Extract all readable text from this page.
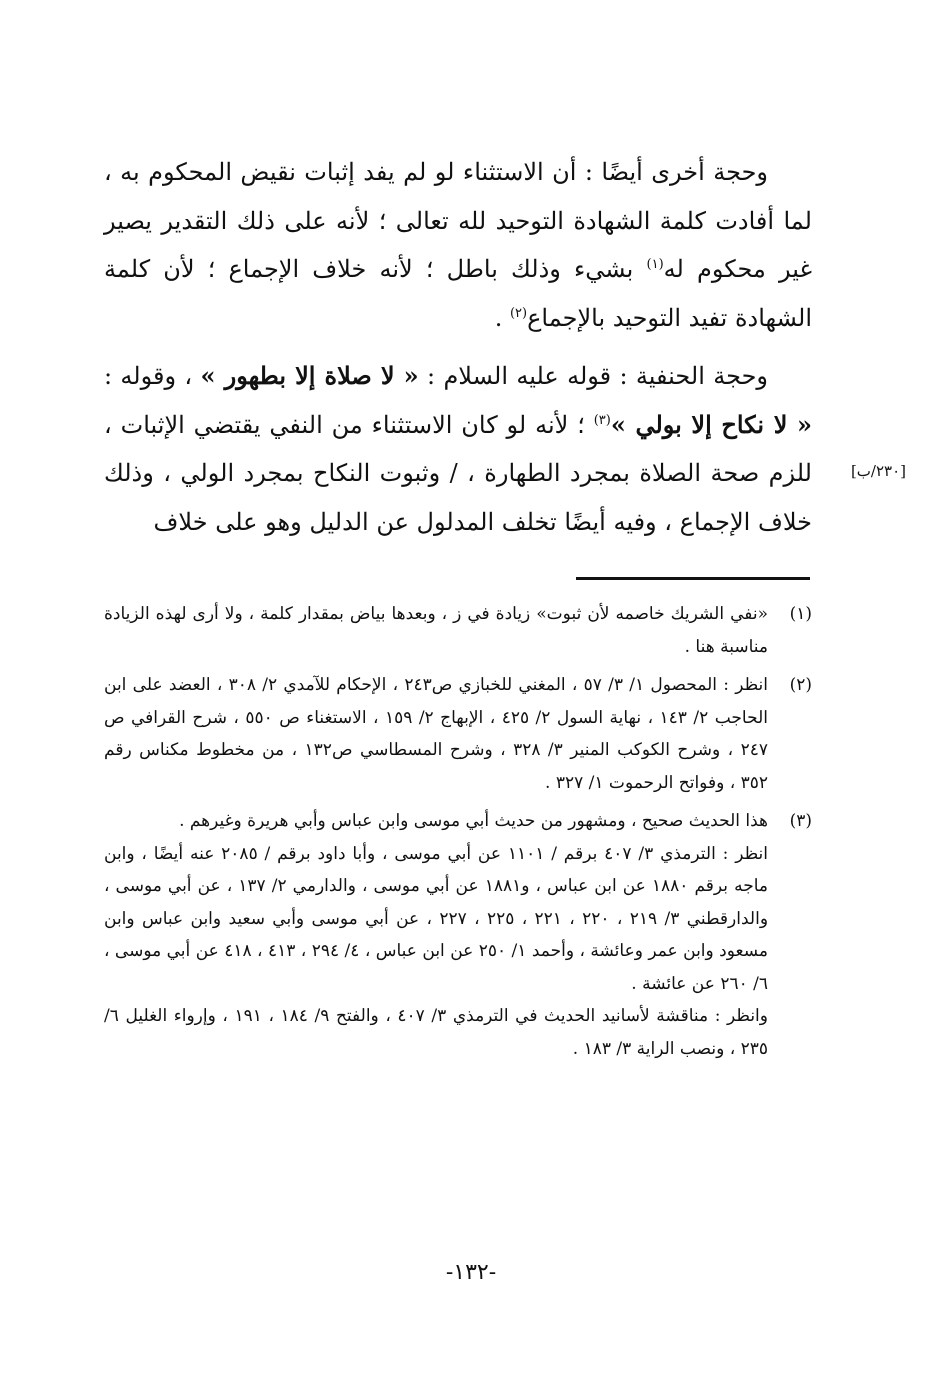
وحجة أخرى أيضًا : أن الاستثناء لو لم يفد إثبات نقيض المحكوم به ، لما أفادت كلمة الشهادة التوحيد لله تعالى ؛ لأنه على ذلك التقدير يصير غير محكوم له$^{(١)}$ بشيء وذلك باطل ؛ لأنه خلاف الإجماع ؛ لأن كلمة الشهادة تفيد التوحيد بالإجماع$^{(٢)}$ .

وحجة الحنفية : قوله عليه السلام : « لا صلاة إلا بطهور » ، وقوله : « لا نكاح إلا بولي »$^{(٣)}$ ؛ لأنه لو كان الاستثناء من النفي يقتضي الإثبات ، للزم صحة الصلاة بمجرد الطهارة ، / وثبوت النكاح بمجرد الولي ، وذلك خلاف الإجماع ، وفيه أيضًا تخلف المدلول عن الدليل وهو على خلاف

[٢٣٠/ب]
(١)

«نفي الشريك خاصمه لأن ثبوت» زيادة في ز ، وبعدها بياض بمقدار كلمة ، ولا أرى لهذه الزيادة مناسبة هنا .

(٢)

انظر : المحصول ١/ ٣/ ٥٧ ، المغني للخبازي ص٢٤٣ ، الإحكام للآمدي ٢/ ٣٠٨ ، العضد على ابن الحاجب ٢/ ١٤٣ ، نهاية السول ٢/ ٤٢٥ ، الإبهاج ٢/ ١٥٩ ، الاستغناء ص ٥٥٠ ، شرح القرافي ص ٢٤٧ ، وشرح الكوكب المنير ٣/ ٣٢٨ ، وشرح المسطاسي ص١٣٢ ، من مخطوط مكناس رقم ٣٥٢ ، وفواتح الرحموت ١/ ٣٢٧ .

(٣)

هذا الحديث صحيح ، ومشهور من حديث أبي موسى وابن عباس وأبي هريرة وغيرهم .

انظر : الترمذي ٣/ ٤٠٧ برقم / ١١٠١ عن أبي موسى ، وأبا داود برقم / ٢٠٨٥ عنه أيضًا ، وابن ماجه برقم ١٨٨٠ عن ابن عباس ، و١٨٨١ عن أبي موسى ، والدارمي ٢/ ١٣٧ ، عن أبي موسى ، والدارقطني ٣/ ٢١٩ ، ٢٢٠ ، ٢٢١ ، ٢٢٥ ، ٢٢٧ ، عن أبي موسى وأبي سعيد وابن عباس وابن مسعود وابن عمر وعائشة ، وأحمد ١/ ٢٥٠ عن ابن عباس ، ٤/ ٢٩٤ ، ٤١٣ ، ٤١٨ عن أبي موسى ، ٦/ ٢٦٠ عن عائشة .

وانظر : مناقشة لأسانيد الحديث في الترمذي ٣/ ٤٠٧ ، والفتح ٩/ ١٨٤ ، ١٩١ ، وإرواء الغليل ٦/ ٢٣٥ ، ونصب الراية ٣/ ١٨٣ .

-١٣٢-
